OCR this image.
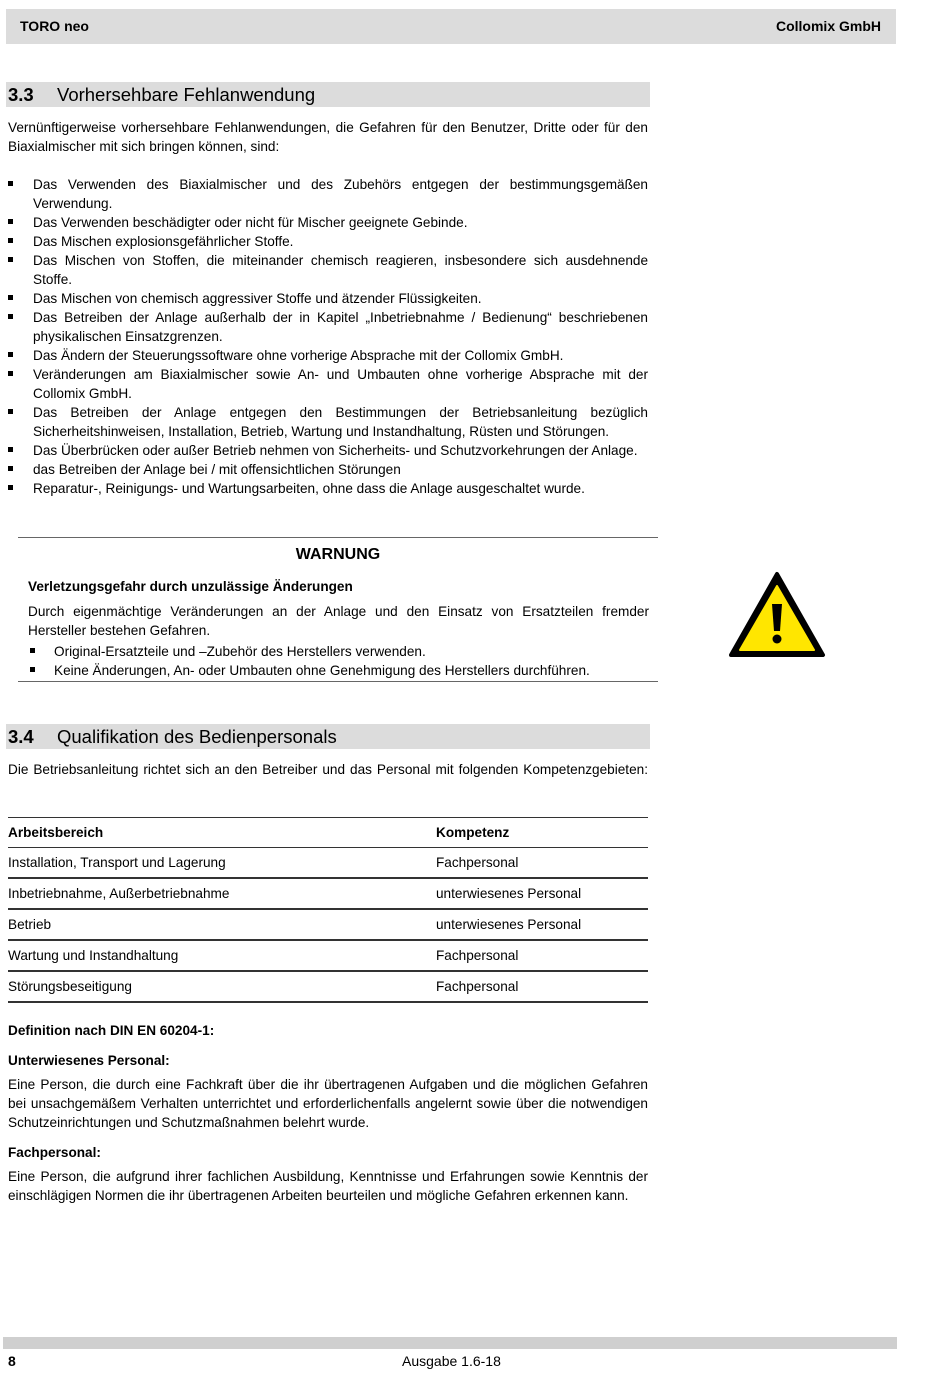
TORO neo	Collomix GmbH
3.3 Vorhersehbare Fehlanwendung
Vernünftigerweise vorhersehbare Fehlanwendungen, die Gefahren für den Benutzer, Dritte oder für den Biaxialmischer mit sich bringen können, sind:
Das Verwenden des Biaxialmischer und des Zubehörs entgegen der bestimmungsgemäßen Verwendung.
Das Verwenden beschädigter oder nicht für Mischer geeignete Gebinde.
Das Mischen explosionsgefährlicher Stoffe.
Das Mischen von Stoffen, die miteinander chemisch reagieren, insbesondere sich ausdehnende Stoffe.
Das Mischen von chemisch aggressiver Stoffe und ätzender Flüssigkeiten.
Das Betreiben der Anlage außerhalb der in Kapitel „Inbetriebnahme / Bedienung“ beschriebenen physikalischen Einsatzgrenzen.
Das Ändern der Steuerungssoftware ohne vorherige Absprache mit der Collomix GmbH.
Veränderungen am Biaxialmischer sowie An- und Umbauten ohne vorherige Absprache mit der Collomix GmbH.
Das Betreiben der Anlage entgegen den Bestimmungen der Betriebsanleitung bezüglich Sicherheitshinweisen, Installation, Betrieb, Wartung und Instandhaltung, Rüsten und Störungen.
Das Überbrücken oder außer Betrieb nehmen von Sicherheits- und Schutzvorkehrungen der Anlage.
das Betreiben der Anlage bei / mit offensichtlichen Störungen
Reparatur-, Reinigungs- und Wartungsarbeiten, ohne dass die Anlage ausgeschaltet wurde.
WARNUNG
Verletzungsgefahr durch unzulässige Änderungen
Durch eigenmächtige Veränderungen an der Anlage und den Einsatz von Ersatzteilen fremder Hersteller bestehen Gefahren.
Original-Ersatzteile und –Zubehör des Herstellers verwenden.
Keine Änderungen, An- oder Umbauten ohne Genehmigung des Herstellers durchführen.
3.4 Qualifikation des Bedienpersonals
Die Betriebsanleitung richtet sich an den Betreiber und das Personal mit folgenden Kompetenzgebieten:
Arbeitsbereich	Kompetenz
Installation, Transport und Lagerung	Fachpersonal
Inbetriebnahme, Außerbetriebnahme	unterwiesenes Personal
Betrieb	unterwiesenes Personal
Wartung und Instandhaltung	Fachpersonal
Störungsbeseitigung	Fachpersonal
Definition nach DIN EN 60204-1:
Unterwiesenes Personal:
Eine Person, die durch eine Fachkraft über die ihr übertragenen Aufgaben und die möglichen Gefahren bei unsachgemäßem Verhalten unterrichtet und erforderlichenfalls angelernt sowie über die notwendigen Schutzeinrichtungen und Schutzmaßnahmen belehrt wurde.
Fachpersonal:
Eine Person, die aufgrund ihrer fachlichen Ausbildung, Kenntnisse und Erfahrungen sowie Kenntnis der einschlägigen Normen die ihr übertragenen Arbeiten beurteilen und mögliche Gefahren erkennen kann.
8	Ausgabe 1.6-18
